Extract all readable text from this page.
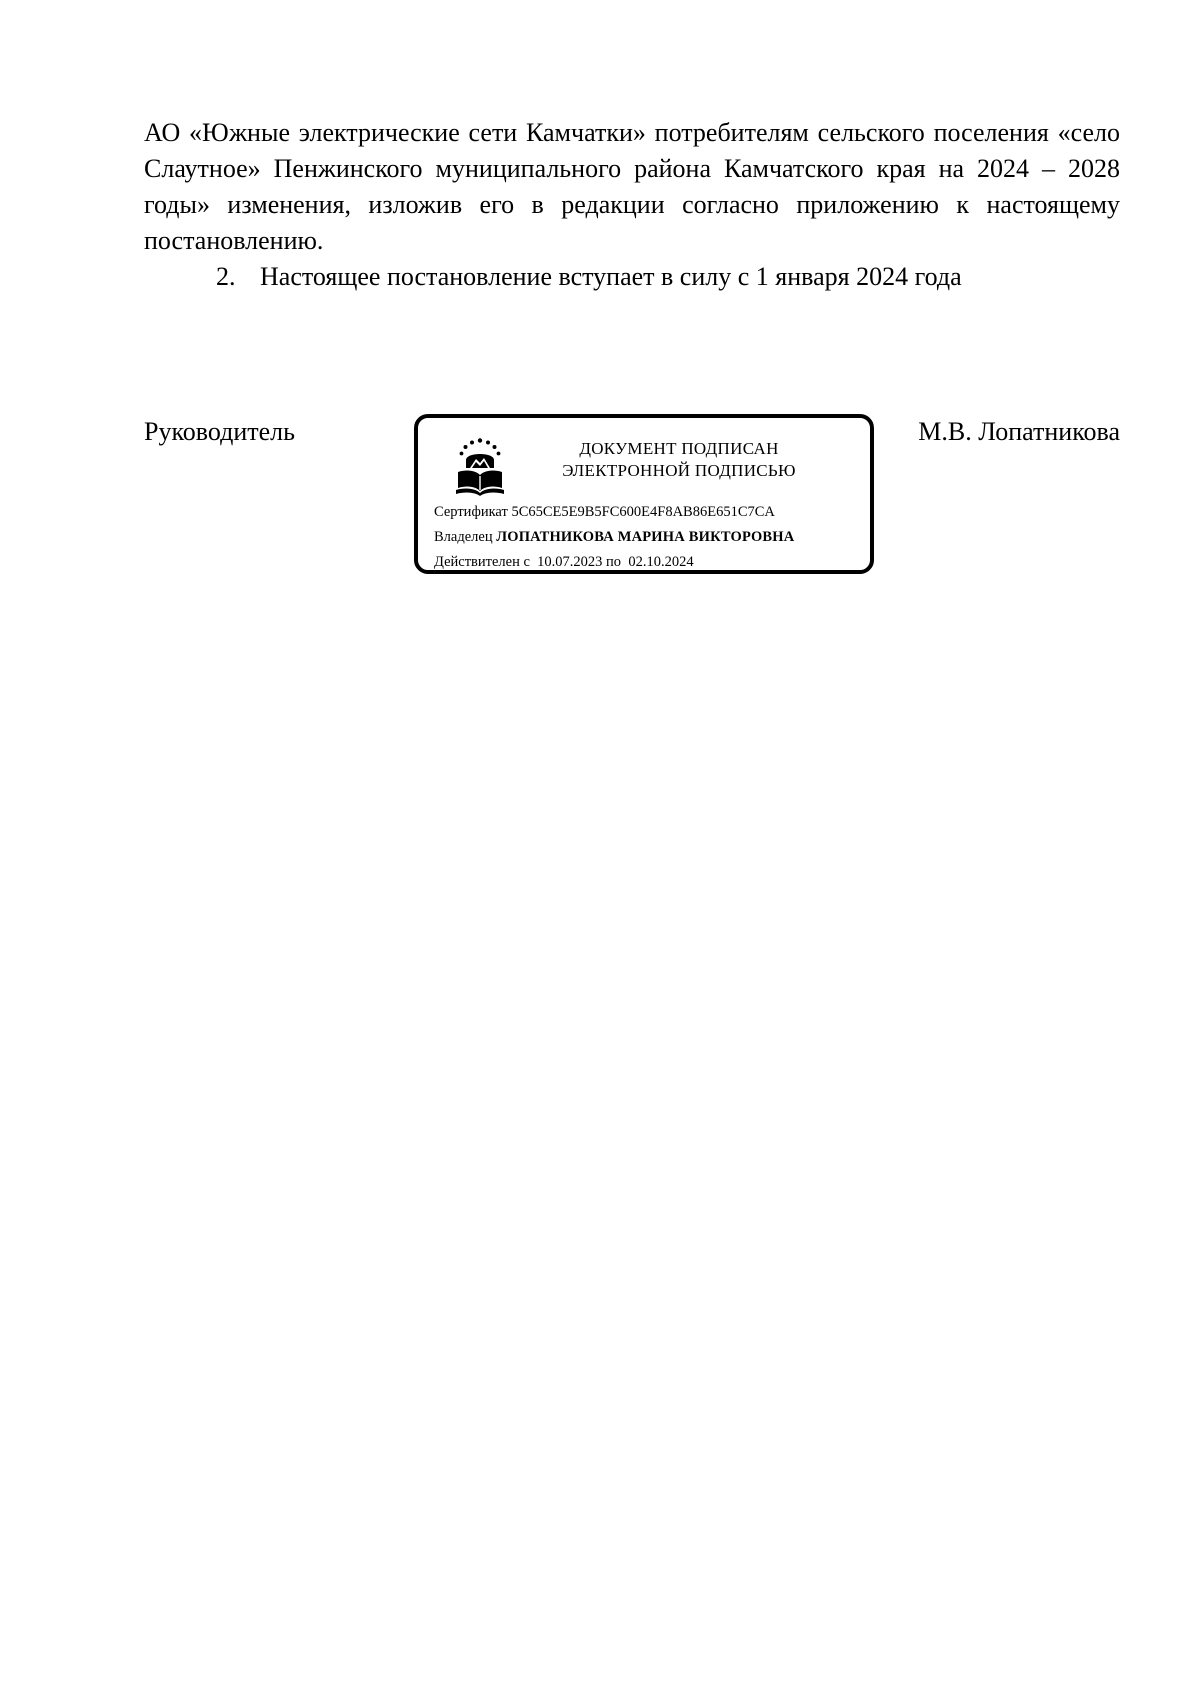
АО «Южные электрические сети Камчатки» потребителям сельского поселения «село Слаутное» Пенжинского муниципального района Камчатского края на 2024 – 2028 годы» изменения, изложив его в редакции согласно приложению к настоящему постановлению.

2. Настоящее постановление вступает в силу с 1 января 2024 года

Руководитель
ДОКУМЕНТ ПОДПИСАН
ЭЛЕКТРОННОЙ ПОДПИСЬЮ
Сертификат 5C65CE5E9B5FC600E4F8AB86E651C7CA
Владелец ЛОПАТНИКОВА МАРИНА ВИКТОРОВНА
Действителен с 10.07.2023 по 02.10.2024
М.В. Лопатникова
